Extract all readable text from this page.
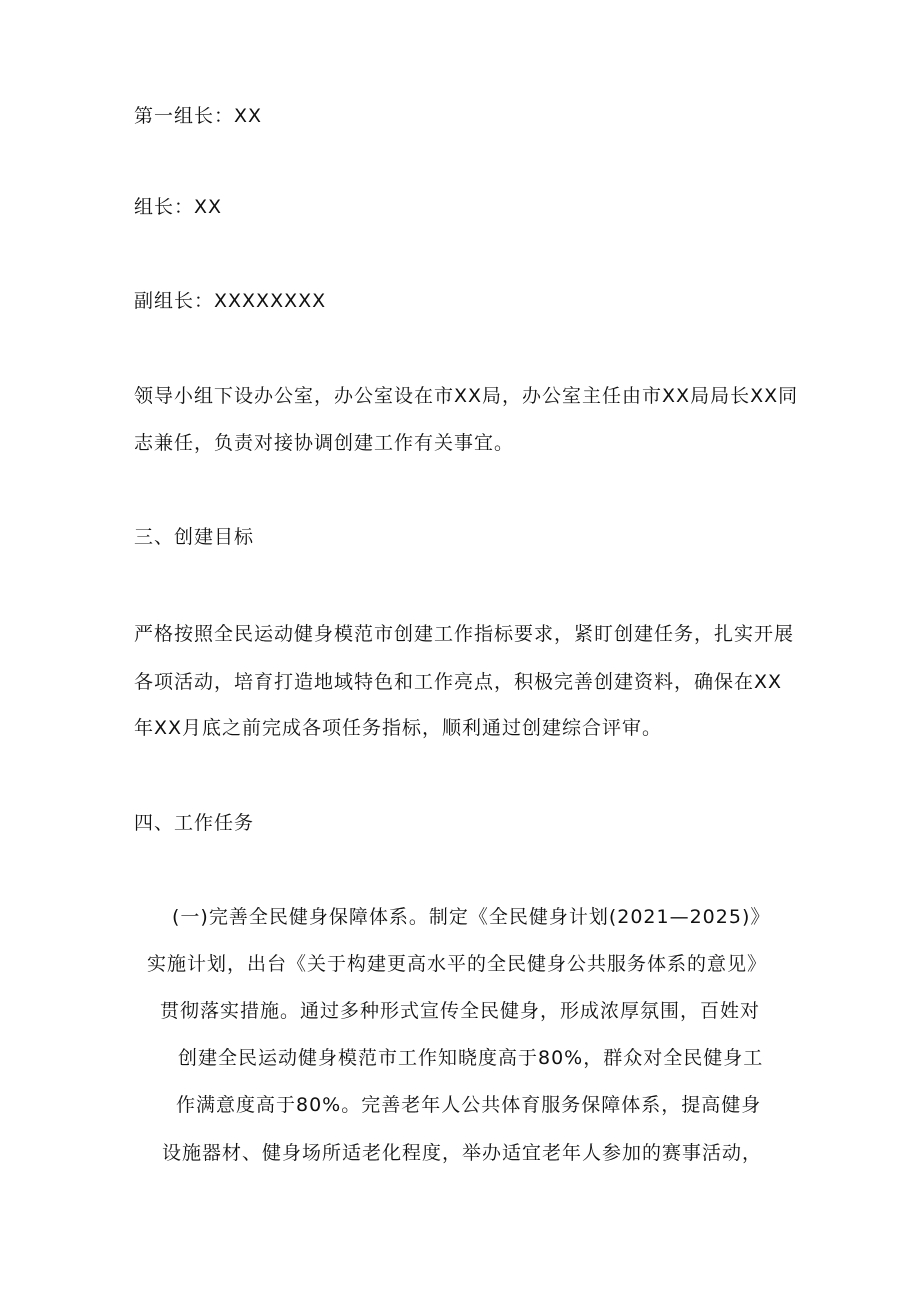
第一组长：XX
组长：XX
副组长：XXXXXXXX
领导小组下设办公室，办公室设在市XX局，办公室主任由市XX局局长XX同
志兼任，负责对接协调创建工作有关事宜。
三、创建目标
严格按照全民运动健身模范市创建工作指标要求，紧盯创建任务，扎实开展
各项活动，培育打造地域特色和工作亮点，积极完善创建资料，确保在XX
年XX月底之前完成各项任务指标，顺利通过创建综合评审。
四、工作任务
(一)完善全民健身保障体系。制定《全民健身计划(2021—2025)》
实施计划，出台《关于构建更高水平的全民健身公共服务体系的意见》
贯彻落实措施。通过多种形式宣传全民健身，形成浓厚氛围，百姓对
创建全民运动健身模范市工作知晓度高于80%，群众对全民健身工
作满意度高于80%。完善老年人公共体育服务保障体系，提高健身
设施器材、健身场所适老化程度，举办适宜老年人参加的赛事活动，
